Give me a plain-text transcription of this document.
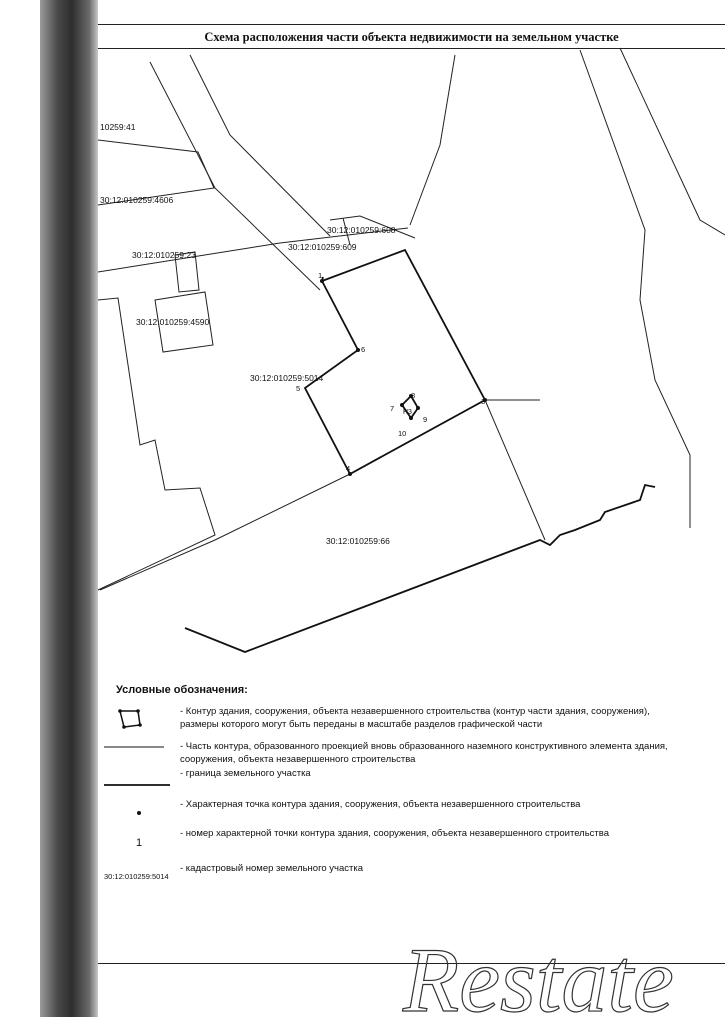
Схема расположения части объекта недвижимости на земельном участке
10259:41
30:12:010259:4606
30:12:010259:608
30:12:010259:609
30:12:010259:23
30:12:010259:4590
30:12:010259:5014
30:12:010259:66
1
6
5
4
3
7
8
9
10
Н3
Условные обозначения:
- Контур здания, сооружения, объекта незавершенного строительства (контур части здания, сооружения), размеры которого могут быть переданы в масштабе разделов графической части
- Часть контура, образованного проекцией вновь образованного наземного конструктивного элемента здания, сооружения, объекта незавершенного строительства
- граница земельного участка
- Характерная точка контура здания, сооружения, объекта незавершенного строительства
1
- номер характерной точки контура здания, сооружения, объекта незавершенного строительства
30:12:010259:5014
- кадастровый номер земельного участка
Restate
